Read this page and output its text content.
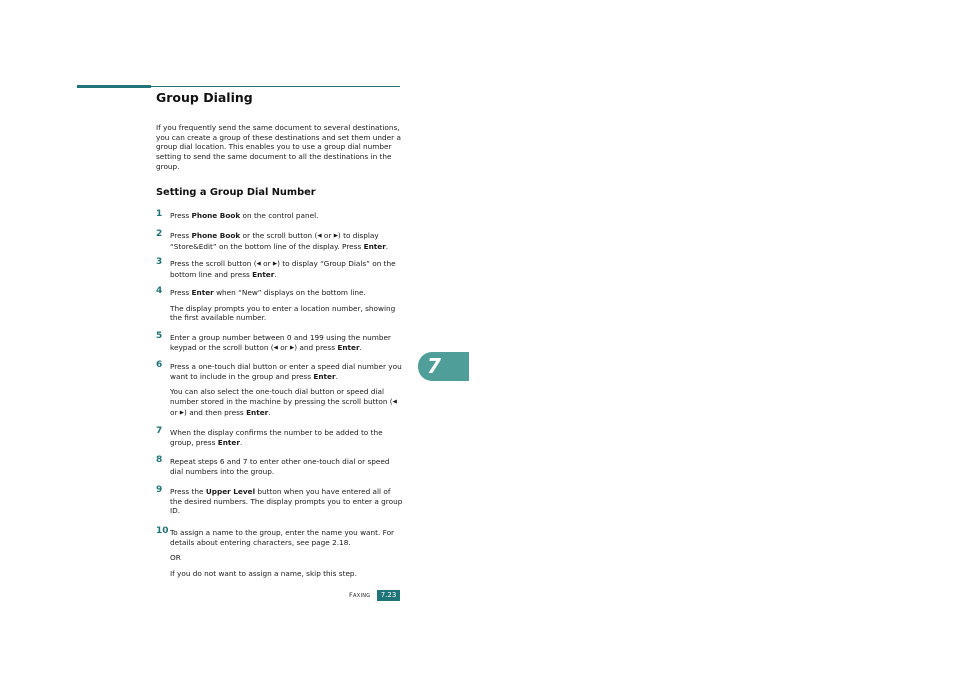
Group Dialing

If you frequently send the same document to several destinations, you can create a group of these destinations and set them under a group dial location. This enables you to use a group dial number setting to send the same document to all the destinations in the group.

Setting a Group Dial Number
1 Press Phone Book on the control panel.
2 Press Phone Book or the scroll button (◀ or ▶) to display “Store&Edit” on the bottom line of the display. Press Enter.
3 Press the scroll button (◀ or ▶) to display “Group Dials” on the bottom line and press Enter.
4 Press Enter when “New” displays on the bottom line.
The display prompts you to enter a location number, showing the first available number.
5 Enter a group number between 0 and 199 using the number keypad or the scroll button (◀ or ▶) and press Enter.
6 Press a one-touch dial button or enter a speed dial number you want to include in the group and press Enter.
You can also select the one-touch dial button or speed dial number stored in the machine by pressing the scroll button (◀ or ▶) and then press Enter.
7 When the display confirms the number to be added to the group, press Enter.
8 Repeat steps 6 and 7 to enter other one-touch dial or speed dial numbers into the group.
9 Press the Upper Level button when you have entered all of the desired numbers. The display prompts you to enter a group ID.
10 To assign a name to the group, enter the name you want. For details about entering characters, see page 2.18.
OR
If you do not want to assign a name, skip this step.
7
Faxing	7.23
